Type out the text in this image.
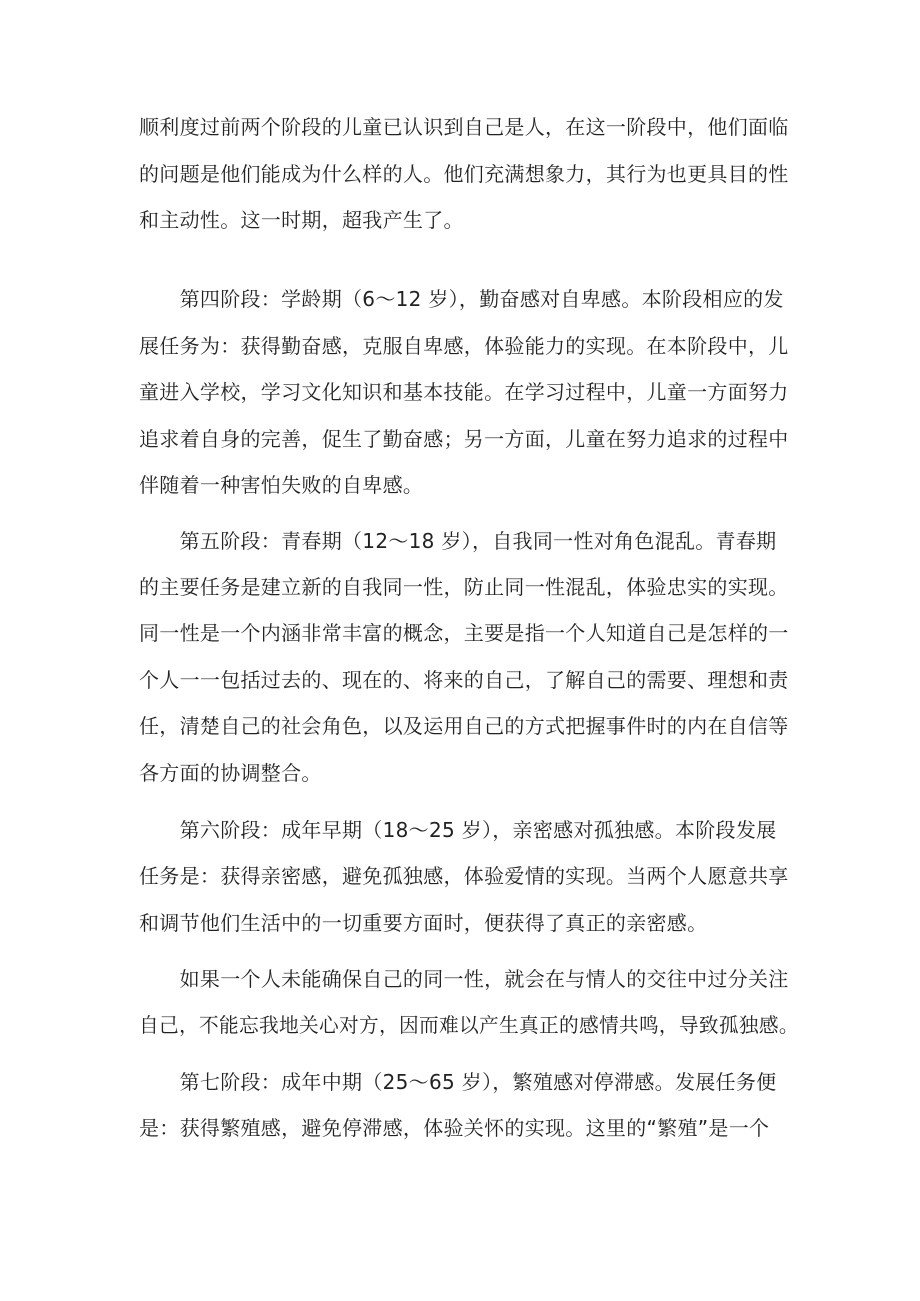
顺利度过前两个阶段的儿童已认识到自己是人，在这一阶段中，他们面临
的问题是他们能成为什么样的人。他们充满想象力，其行为也更具目的性
和主动性。这一时期，超我产生了。
　　第四阶段：学龄期（6～12 岁），勤奋感对自卑感。本阶段相应的发
展任务为：获得勤奋感，克服自卑感，体验能力的实现。在本阶段中，儿
童进入学校，学习文化知识和基本技能。在学习过程中，儿童一方面努力
追求着自身的完善，促生了勤奋感；另一方面，儿童在努力追求的过程中
伴随着一种害怕失败的自卑感。
　　第五阶段：青春期（12～18 岁），自我同一性对角色混乱。青春期
的主要任务是建立新的自我同一性，防止同一性混乱，体验忠实的实现。
同一性是一个内涵非常丰富的概念，主要是指一个人知道自己是怎样的一
个人一一包括过去的、现在的、将来的自己，了解自己的需要、理想和责
任，清楚自己的社会角色，以及运用自己的方式把握事件时的内在自信等
各方面的协调整合。
　　第六阶段：成年早期（18～25 岁），亲密感对孤独感。本阶段发展
任务是：获得亲密感，避免孤独感，体验爱情的实现。当两个人愿意共享
和调节他们生活中的一切重要方面时，便获得了真正的亲密感。
　　如果一个人未能确保自己的同一性，就会在与情人的交往中过分关注
自己，不能忘我地关心对方，因而难以产生真正的感情共鸣，导致孤独感。
　　第七阶段：成年中期（25～65 岁），繁殖感对停滞感。发展任务便
是：获得繁殖感，避免停滞感，体验关怀的实现。这里的“繁殖”是一个
